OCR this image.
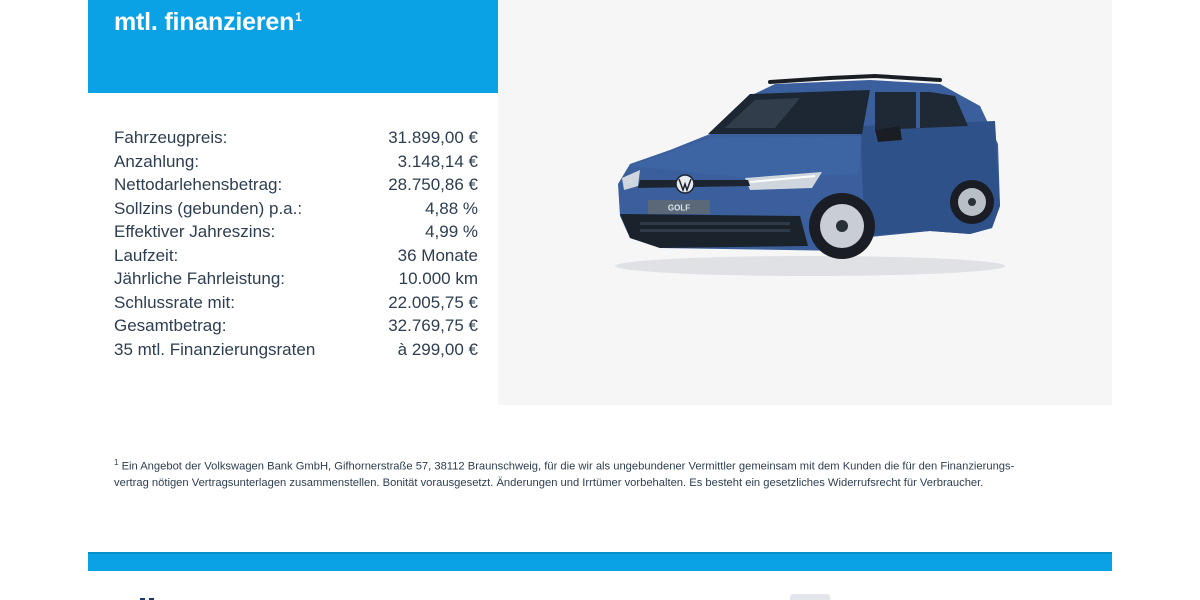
mtl. finanzieren$^1$
Fahrzeugpreis:	31.899,00 €
Anzahlung:	3.148,14 €
Nettodarlehensbetrag:	28.750,86 €
Sollzins (gebunden) p.a.:	4,88 %
Effektiver Jahreszins:	4,99 %
Laufzeit:	36 Monate
Jährliche Fahrleistung:	10.000 km
Schlussrate mit:	22.005,75 €
Gesamtbetrag:	32.769,75 €
35 mtl. Finanzierungsraten	à 299,00 €
GOLF
$^1$ Ein Angebot der Volkswagen Bank GmbH, Gifhornerstraße 57, 38112 Braunschweig, für die wir als ungebundener Vermittler gemeinsam mit dem Kunden die für den Finanzierungs-
vertrag nötigen Vertragsunterlagen zusammenstellen. Bonität vorausgesetzt. Änderungen und Irrtümer vorbehalten. Es besteht ein gesetzliches Widerrufsrecht für Verbraucher.
